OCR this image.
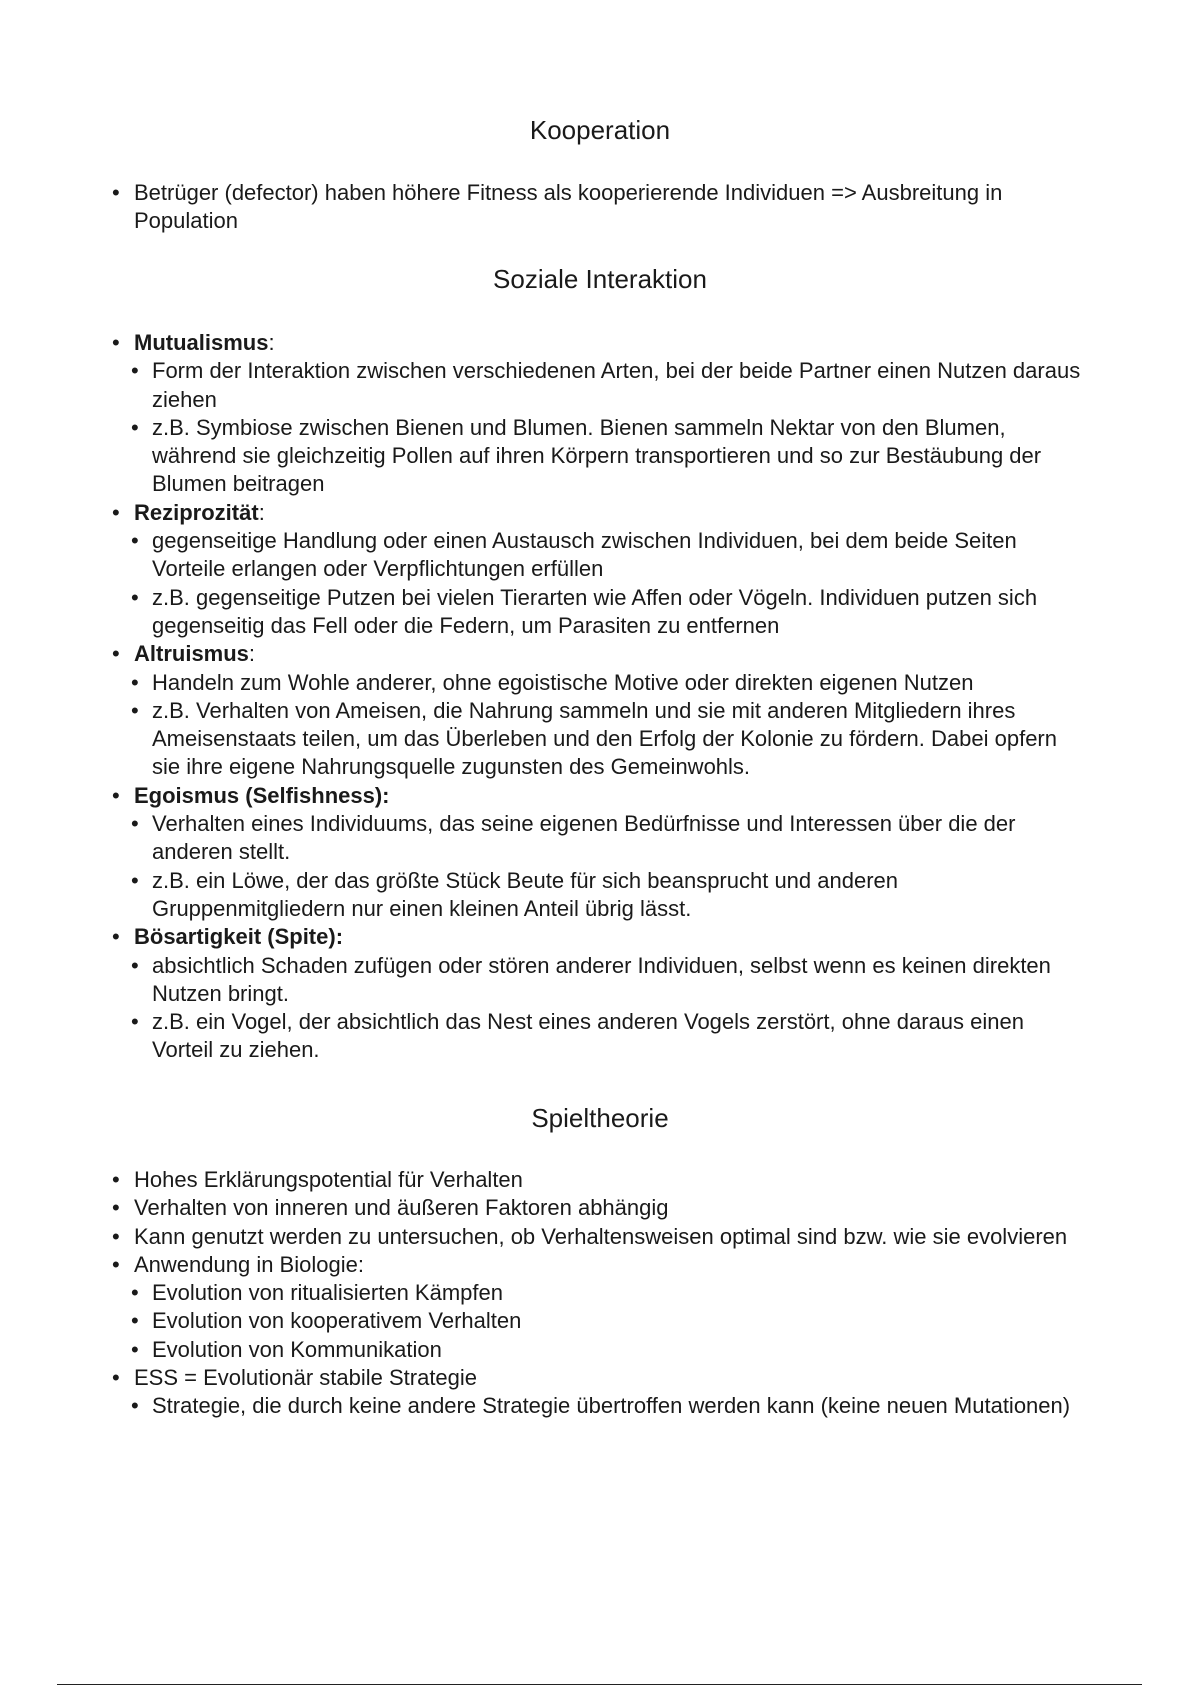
Kooperation
• Betrüger (defector) haben höhere Fitness als kooperierende Individuen => Ausbreitung in Population
Soziale Interaktion
• Mutualismus:
• Form der Interaktion zwischen verschiedenen Arten, bei der beide Partner einen Nutzen daraus ziehen
• z.B. Symbiose zwischen Bienen und Blumen. Bienen sammeln Nektar von den Blumen, während sie gleichzeitig Pollen auf ihren Körpern transportieren und so zur Bestäubung der Blumen beitragen
• Reziprozität:
• gegenseitige Handlung oder einen Austausch zwischen Individuen, bei dem beide Seiten Vorteile erlangen oder Verpflichtungen erfüllen
• z.B. gegenseitige Putzen bei vielen Tierarten wie Affen oder Vögeln. Individuen putzen sich gegenseitig das Fell oder die Federn, um Parasiten zu entfernen
• Altruismus:
• Handeln zum Wohle anderer, ohne egoistische Motive oder direkten eigenen Nutzen
• z.B. Verhalten von Ameisen, die Nahrung sammeln und sie mit anderen Mitgliedern ihres Ameisenstaats teilen, um das Überleben und den Erfolg der Kolonie zu fördern. Dabei opfern sie ihre eigene Nahrungsquelle zugunsten des Gemeinwohls.
• Egoismus (Selfishness):
• Verhalten eines Individuums, das seine eigenen Bedürfnisse und Interessen über die der anderen stellt.
• z.B. ein Löwe, der das größte Stück Beute für sich beansprucht und anderen Gruppenmitgliedern nur einen kleinen Anteil übrig lässt.
• Bösartigkeit (Spite):
• absichtlich Schaden zufügen oder stören anderer Individuen, selbst wenn es keinen direkten Nutzen bringt.
• z.B. ein Vogel, der absichtlich das Nest eines anderen Vogels zerstört, ohne daraus einen Vorteil zu ziehen.
Spieltheorie
• Hohes Erklärungspotential für Verhalten
• Verhalten von inneren und äußeren Faktoren abhängig
• Kann genutzt werden zu untersuchen, ob Verhaltensweisen optimal sind bzw. wie sie evolvieren
• Anwendung in Biologie:
• Evolution von ritualisierten Kämpfen
• Evolution von kooperativem Verhalten
• Evolution von Kommunikation
• ESS = Evolutionär stabile Strategie
• Strategie, die durch keine andere Strategie übertroffen werden kann (keine neuen Mutationen)
